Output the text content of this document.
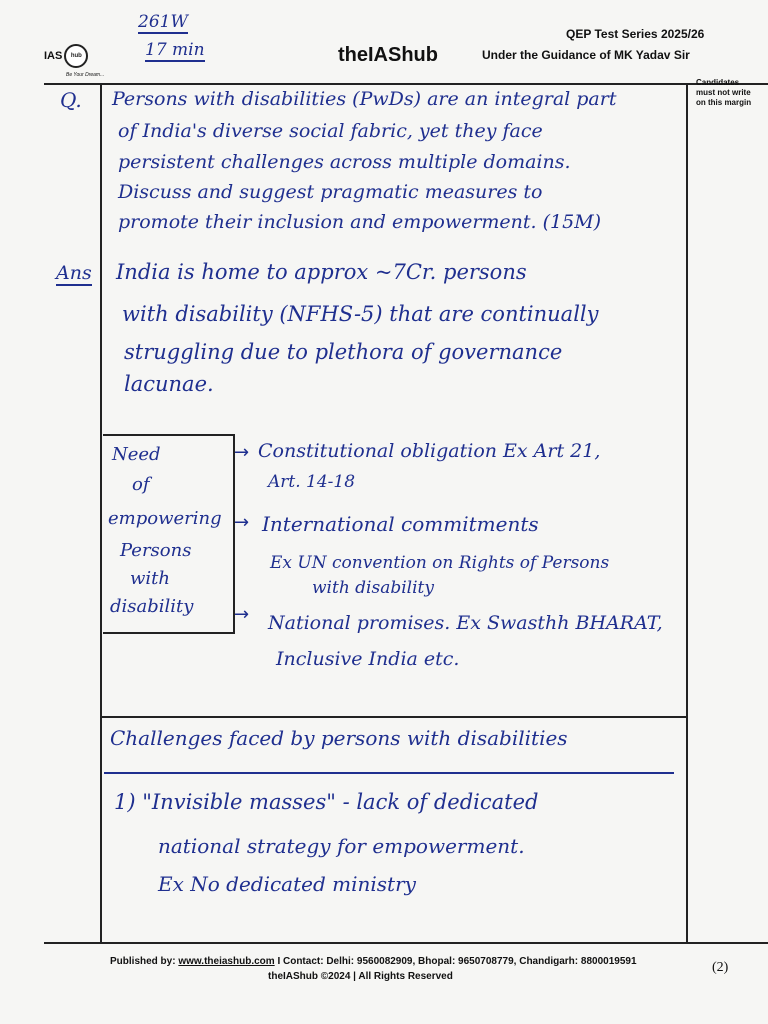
261W
17 min
IAS	hub
Be Your Dream...
theIAShub
QEP Test Series 2025/26
Under the Guidance of MK Yadav Sir
Candidates must not write on this margin
Q. Persons with disabilities (PwDs) are an integral part
of India's diverse social fabric, yet they face
persistent challenges across multiple domains.
Discuss and suggest pragmatic measures to
promote their inclusion and empowerment. (15M)
Ans India is home to approx ~7Cr. persons
with disability (NFHS-5) that are continually
struggling due to plethora of governance
lacunae.
Need
of
empowering
Persons
with
disability
→
→
→
Constitutional obligation Ex Art 21,
Art. 14-18
International commitments
Ex UN convention on Rights of Persons
with disability
National promises. Ex Swasthh BHARAT,
Inclusive India etc.
Challenges faced by persons with disabilities
1) "Invisible masses" - lack of dedicated
national strategy for empowerment.
Ex No dedicated ministry
Published by: www.theiashub.com I Contact: Delhi: 9560082909, Bhopal: 9650708779, Chandigarh: 8800019591
theIAShub ©2024 | All Rights Reserved
(2)
